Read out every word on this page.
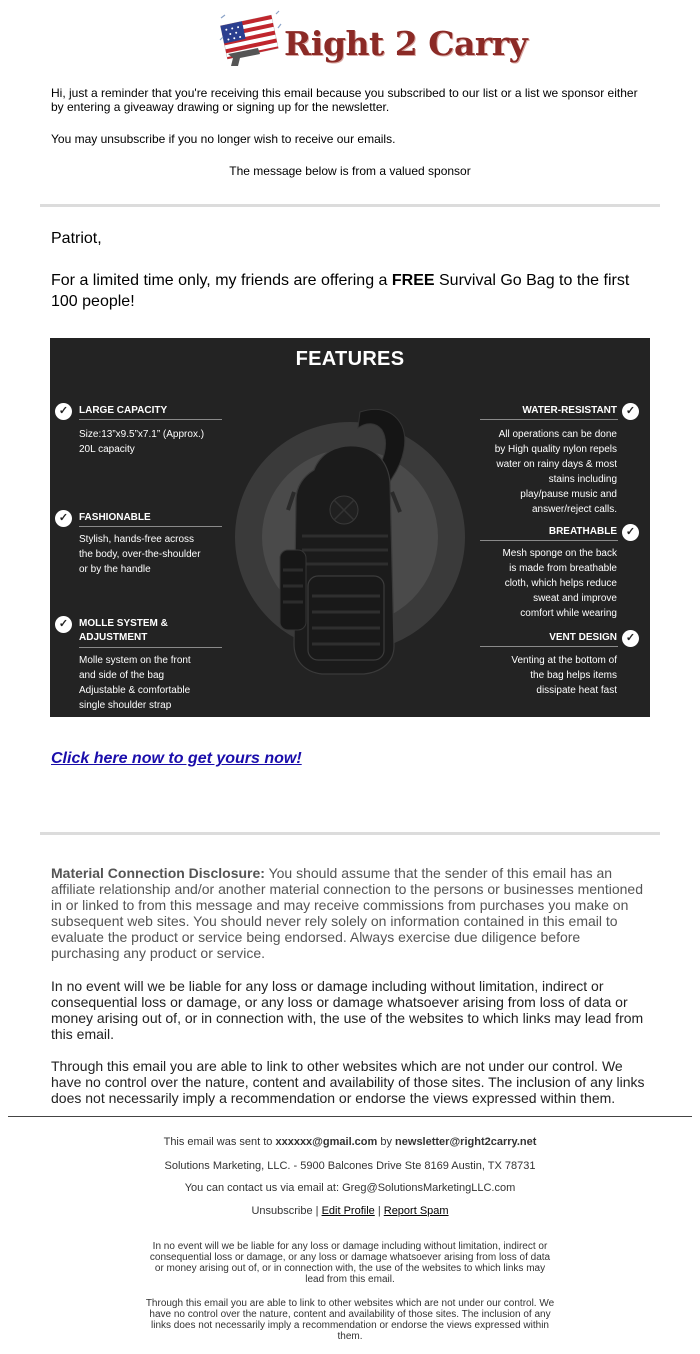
Right 2 Carry
Hi, just a reminder that you're receiving this email because you subscribed to our list or a list we sponsor either by entering a giveaway drawing or signing up for the newsletter.
You may unsubscribe if you no longer wish to receive our emails.
The message below is from a valued sponsor
Patriot,
For a limited time only, my friends are offering a FREE Survival Go Bag to the first 100 people!
FEATURES
✓	LARGE CAPACITY
Size:13”x9.5”x7.1” (Approx.)
20L capacity
✓	FASHIONABLE
Stylish, hands-free across
the body, over-the-shoulder
or by the handle
✓	MOLLE SYSTEM &
ADJUSTMENT
Molle system on the front
and side of the bag
Adjustable & comfortable
single shoulder strap
✓
WATER-RESISTANT
All operations can be done
by High quality nylon repels
water on rainy days & most
stains including
play/pause music and
answer/reject calls.
✓
BREATHABLE
Mesh sponge on the back
is made from breathable
cloth, which helps reduce
sweat and improve
comfort while wearing
✓
VENT DESIGN
Venting at the bottom of
the bag helps items
dissipate heat fast
Click here now to get yours now!
Material Connection Disclosure: You should assume that the sender of this email has an affiliate relationship and/or another material connection to the persons or businesses mentioned in or linked to from this message and may receive commissions from purchases you make on subsequent web sites. You should never rely solely on information contained in this email to evaluate the product or service being endorsed. Always exercise due diligence before purchasing any product or service.
In no event will we be liable for any loss or damage including without limitation, indirect or consequential loss or damage, or any loss or damage whatsoever arising from loss of data or money arising out of, or in connection with, the use of the websites to which links may lead from this email.
Through this email you are able to link to other websites which are not under our control. We have no control over the nature, content and availability of those sites. The inclusion of any links does not necessarily imply a recommendation or endorse the views expressed within them.
This email was sent to xxxxxx@gmail.com by newsletter@right2carry.net
Solutions Marketing, LLC. - 5900 Balcones Drive Ste 8169 Austin, TX 78731
You can contact us via email at: Greg@SolutionsMarketingLLC.com
Unsubscribe | Edit Profile | Report Spam
In no event will we be liable for any loss or damage including without limitation, indirect or consequential loss or damage, or any loss or damage whatsoever arising from loss of data or money arising out of, or in connection with, the use of the websites to which links may lead from this email.
Through this email you are able to link to other websites which are not under our control. We have no control over the nature, content and availability of those sites. The inclusion of any links does not necessarily imply a recommendation or endorse the views expressed within them.
